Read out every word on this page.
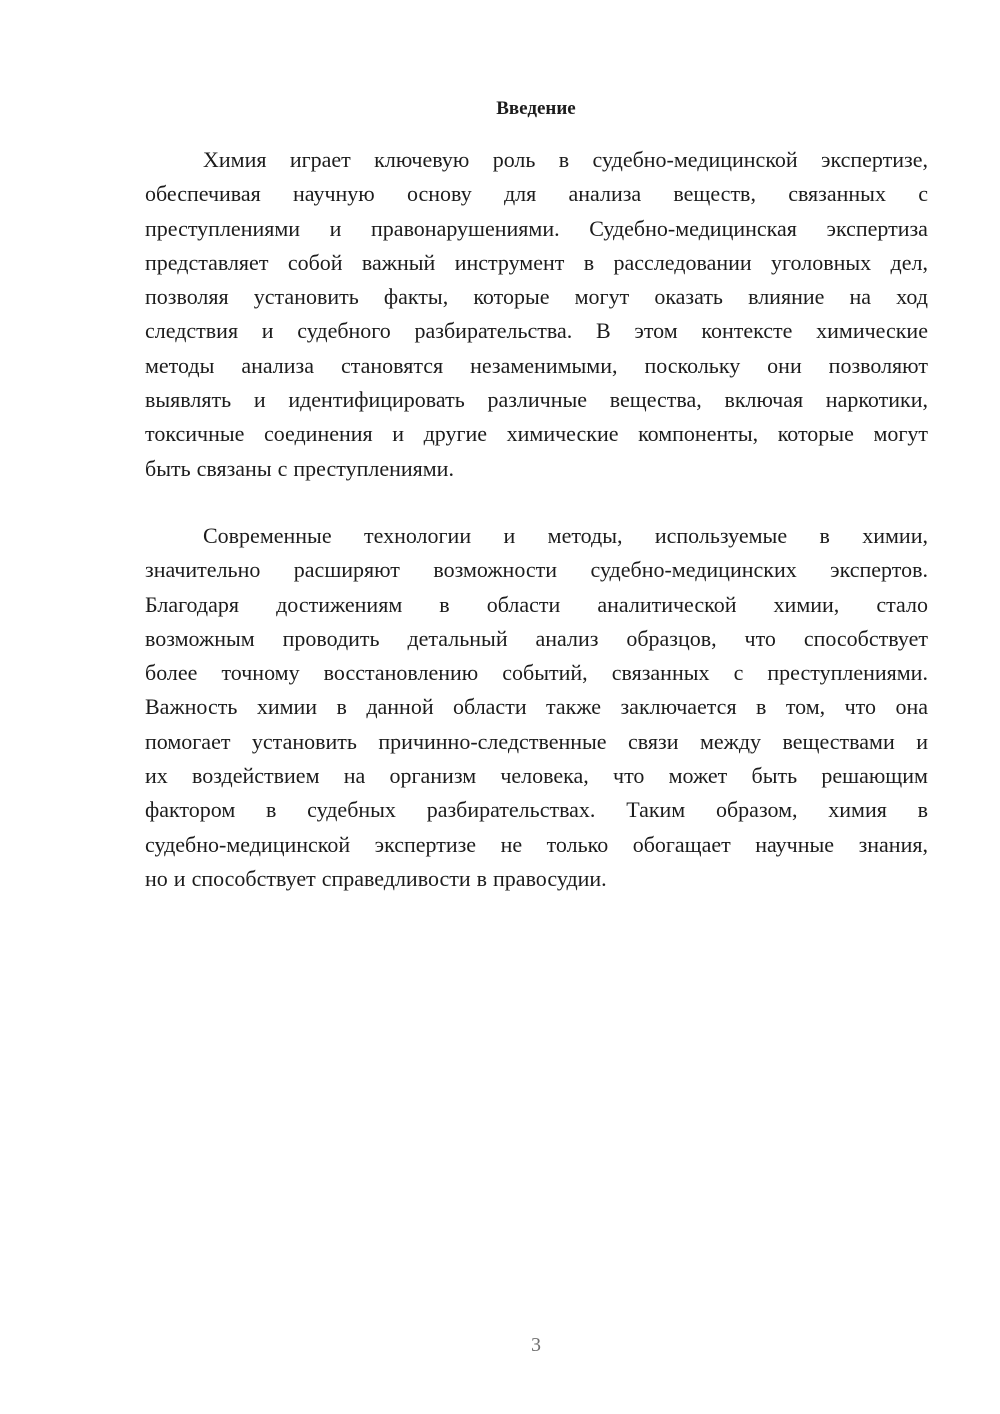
Введение
Химия играет ключевую роль в судебно-медицинской экспертизе,
обеспечивая научную основу для анализа веществ, связанных с
преступлениями и правонарушениями. Судебно-медицинская экспертиза
представляет собой важный инструмент в расследовании уголовных дел,
позволяя установить факты, которые могут оказать влияние на ход
следствия и судебного разбирательства. В этом контексте химические
методы анализа становятся незаменимыми, поскольку они позволяют
выявлять и идентифицировать различные вещества, включая наркотики,
токсичные соединения и другие химические компоненты, которые могут
быть связаны с преступлениями.
Современные технологии и методы, используемые в химии,
значительно расширяют возможности судебно-медицинских экспертов.
Благодаря достижениям в области аналитической химии, стало
возможным проводить детальный анализ образцов, что способствует
более точному восстановлению событий, связанных с преступлениями.
Важность химии в данной области также заключается в том, что она
помогает установить причинно-следственные связи между веществами и
их воздействием на организм человека, что может быть решающим
фактором в судебных разбирательствах. Таким образом, химия в
судебно-медицинской экспертизе не только обогащает научные знания,
но и способствует справедливости в правосудии.
3
